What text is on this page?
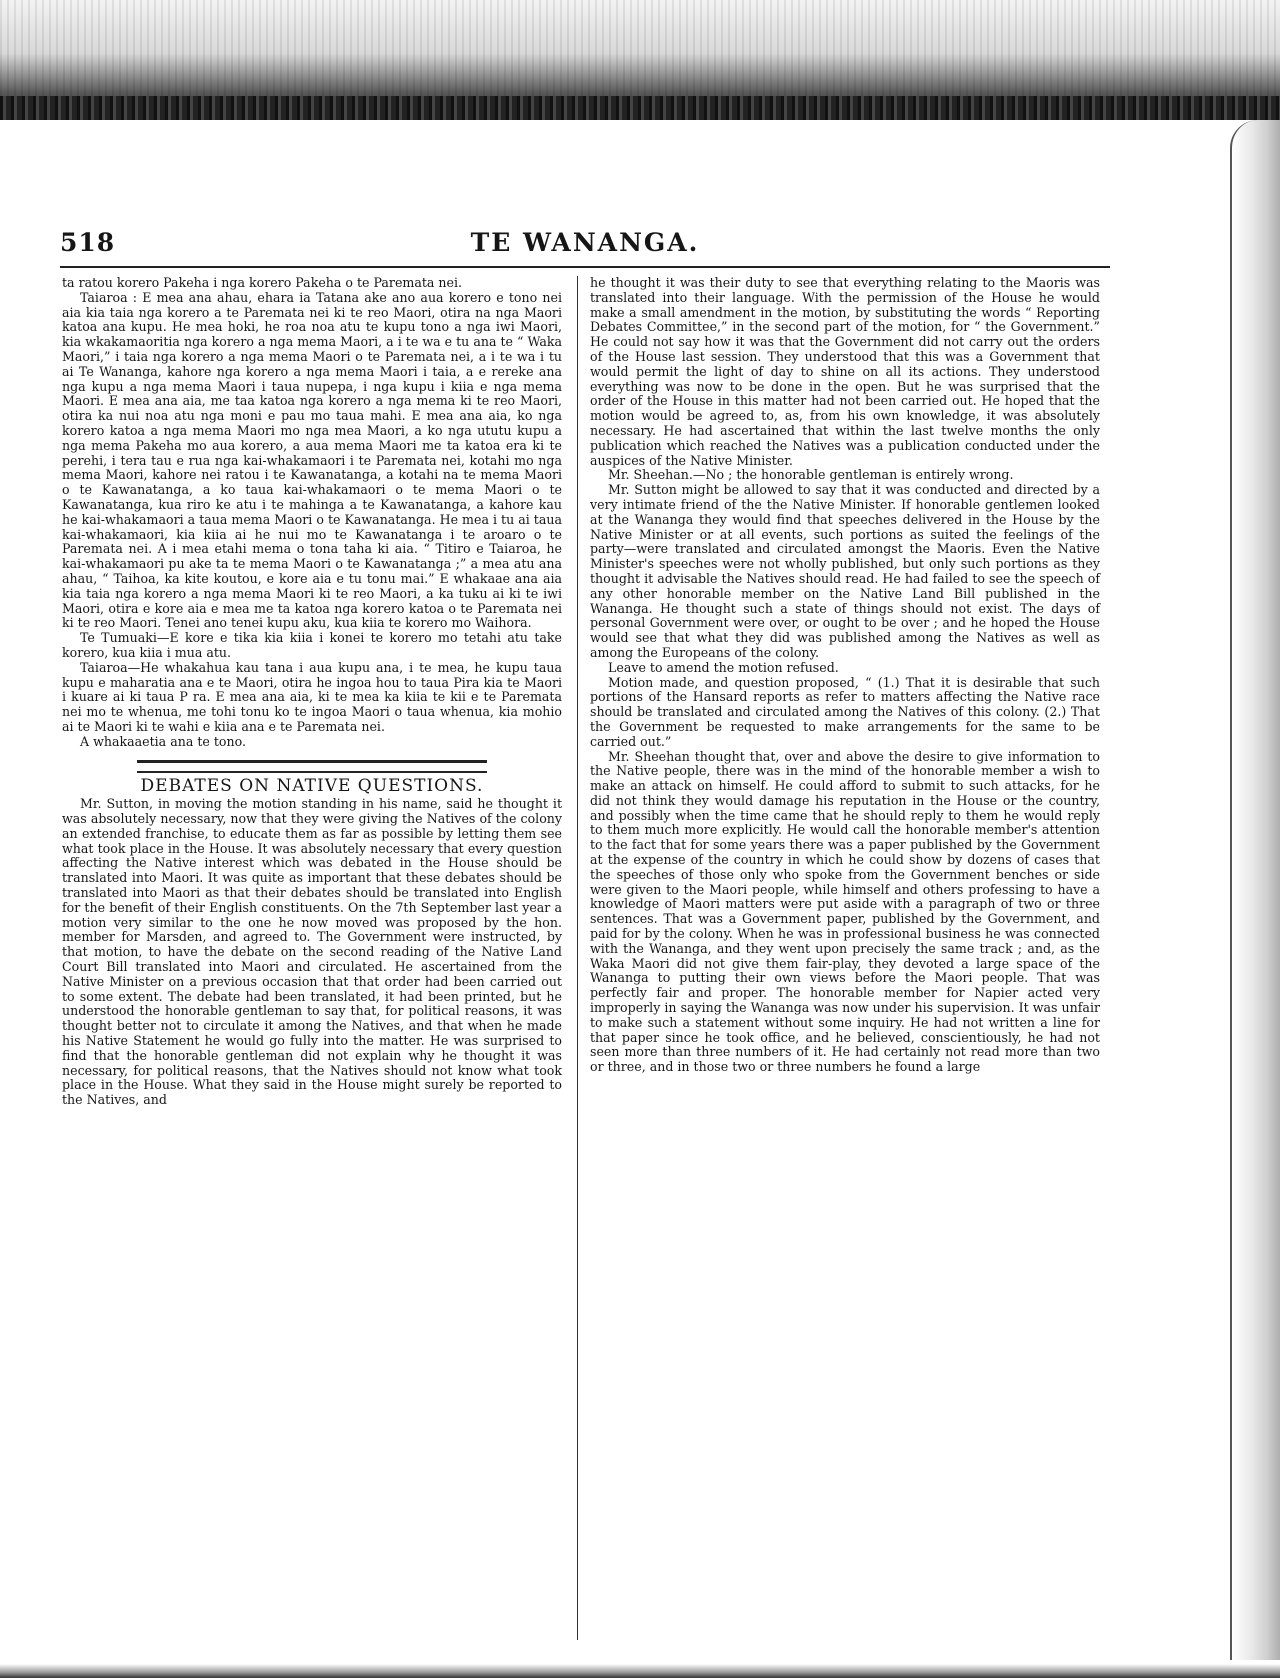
518	TE WANANGA.

ta ratou korero Pakeha i nga korero Pakeha o te Paremata nei.

Taiaroa : E mea ana ahau, ehara ia Tatana ake ano aua korero e tono nei aia kia taia nga korero a te Paremata nei ki te reo Maori, otira na nga Maori katoa ana kupu. He mea hoki, he roa noa atu te kupu tono a nga iwi Maori, kia wkakamaoritia nga korero a nga mema Maori, a i te wa e tu ana te “ Waka Maori,” i taia nga korero a nga mema Maori o te Paremata nei, a i te wa i tu ai Te Wananga, kahore nga korero a nga mema Maori i taia, a e rereke ana nga kupu a nga mema Maori i taua nupepa, i nga kupu i kiia e nga mema Maori. E mea ana aia, me taa katoa nga korero a nga mema ki te reo Maori, otira ka nui noa atu nga moni e pau mo taua mahi. E mea ana aia, ko nga korero katoa a nga mema Maori mo nga mea Maori, a ko nga ututu kupu a nga mema Pakeha mo aua korero, a aua mema Maori me ta katoa era ki te perehi, i tera tau e rua nga kai-whakamaori i te Paremata nei, kotahi mo nga mema Maori, kahore nei ratou i te Kawanatanga, a kotahi na te mema Maori o te Kawanatanga, a ko taua kai-whakamaori o te mema Maori o te Kawanatanga, kua riro ke atu i te mahinga a te Kawanatanga, a kahore kau he kai-whakamaori a taua mema Maori o te Kawanatanga. He mea i tu ai taua kai-whakamaori, kia kiia ai he nui mo te Kawanatanga i te aroaro o te Paremata nei. A i mea etahi mema o tona taha ki aia. “ Titiro e Taiaroa, he kai-whakamaori pu ake ta te mema Maori o te Kawanatanga ;” a mea atu ana ahau, “ Taihoa, ka kite koutou, e kore aia e tu tonu mai.” E whakaae ana aia kia taia nga korero a nga mema Maori ki te reo Maori, a ka tuku ai ki te iwi Maori, otira e kore aia e mea me ta katoa nga korero katoa o te Paremata nei ki te reo Maori. Tenei ano tenei kupu aku, kua kiia te korero mo Waihora.

Te Tumuaki—E kore e tika kia kiia i konei te korero mo tetahi atu take korero, kua kiia i mua atu.

Taiaroa—He whakahua kau tana i aua kupu ana, i te mea, he kupu taua kupu e maharatia ana e te Maori, otira he ingoa hou to taua Pira kia te Maori i kuare ai ki taua P ra. E mea ana aia, ki te mea ka kiia te kii e te Paremata nei mo te whenua, me tohi tonu ko te ingoa Maori o taua whenua, kia mohio ai te Maori ki te wahi e kiia ana e te Paremata nei.

A whakaaetia ana te tono.

DEBATES ON NATIVE QUESTIONS.

Mr. Sutton, in moving the motion standing in his name, said he thought it was absolutely necessary, now that they were giving the Natives of the colony an extended franchise, to educate them as far as possible by letting them see what took place in the House. It was absolutely necessary that every question affecting the Native interest which was debated in the House should be translated into Maori. It was quite as important that these debates should be translated into Maori as that their debates should be translated into English for the benefit of their English constituents. On the 7th September last year a motion very similar to the one he now moved was proposed by the hon. member for Marsden, and agreed to. The Government were instructed, by that motion, to have the debate on the second reading of the Native Land Court Bill translated into Maori and circulated. He ascertained from the Native Minister on a previous occasion that that order had been carried out to some extent. The debate had been translated, it had been printed, but he understood the honorable gentleman to say that, for political reasons, it was thought better not to circulate it among the Natives, and that when he made his Native Statement he would go fully into the matter. He was surprised to find that the honorable gentleman did not explain why he thought it was necessary, for political reasons, that the Natives should not know what took place in the House. What they said in the House might surely be reported to the Natives, and

he thought it was their duty to see that everything relating to the Maoris was translated into their language. With the permission of the House he would make a small amendment in the motion, by substituting the words “ Reporting Debates Committee,” in the second part of the motion, for “ the Government.” He could not say how it was that the Government did not carry out the orders of the House last session. They understood that this was a Government that would permit the light of day to shine on all its actions. They understood everything was now to be done in the open. But he was surprised that the order of the House in this matter had not been carried out. He hoped that the motion would be agreed to, as, from his own knowledge, it was absolutely necessary. He had ascertained that within the last twelve months the only publication which reached the Natives was a publication conducted under the auspices of the Native Minister.

Mr. Sheehan.—No ; the honorable gentleman is entirely wrong.

Mr. Sutton might be allowed to say that it was conducted and directed by a very intimate friend of the the Native Minister. If honorable gentlemen looked at the Wananga they would find that speeches delivered in the House by the Native Minister or at all events, such portions as suited the feelings of the party—were translated and circulated amongst the Maoris. Even the Native Minister's speeches were not wholly published, but only such portions as they thought it advisable the Natives should read. He had failed to see the speech of any other honorable member on the Native Land Bill published in the Wananga. He thought such a state of things should not exist. The days of personal Government were over, or ought to be over ; and he hoped the House would see that what they did was published among the Natives as well as among the Europeans of the colony.

Leave to amend the motion refused.

Motion made, and question proposed, “ (1.) That it is desirable that such portions of the Hansard reports as refer to matters affecting the Native race should be translated and circulated among the Natives of this colony. (2.) That the Government be requested to make arrangements for the same to be carried out.”

Mr. Sheehan thought that, over and above the desire to give information to the Native people, there was in the mind of the honorable member a wish to make an attack on himself. He could afford to submit to such attacks, for he did not think they would damage his reputation in the House or the country, and possibly when the time came that he should reply to them he would reply to them much more explicitly. He would call the honorable member's attention to the fact that for some years there was a paper published by the Government at the expense of the country in which he could show by dozens of cases that the speeches of those only who spoke from the Government benches or side were given to the Maori people, while himself and others professing to have a knowledge of Maori matters were put aside with a paragraph of two or three sentences. That was a Government paper, published by the Government, and paid for by the colony. When he was in professional business he was connected with the Wananga, and they went upon precisely the same track ; and, as the Waka Maori did not give them fair-play, they devoted a large space of the Wananga to putting their own views before the Maori people. That was perfectly fair and proper. The honorable member for Napier acted very improperly in saying the Wananga was now under his supervision. It was unfair to make such a statement without some inquiry. He had not written a line for that paper since he took office, and he believed, conscientiously, he had not seen more than three numbers of it. He had certainly not read more than two or three, and in those two or three numbers he found a large
